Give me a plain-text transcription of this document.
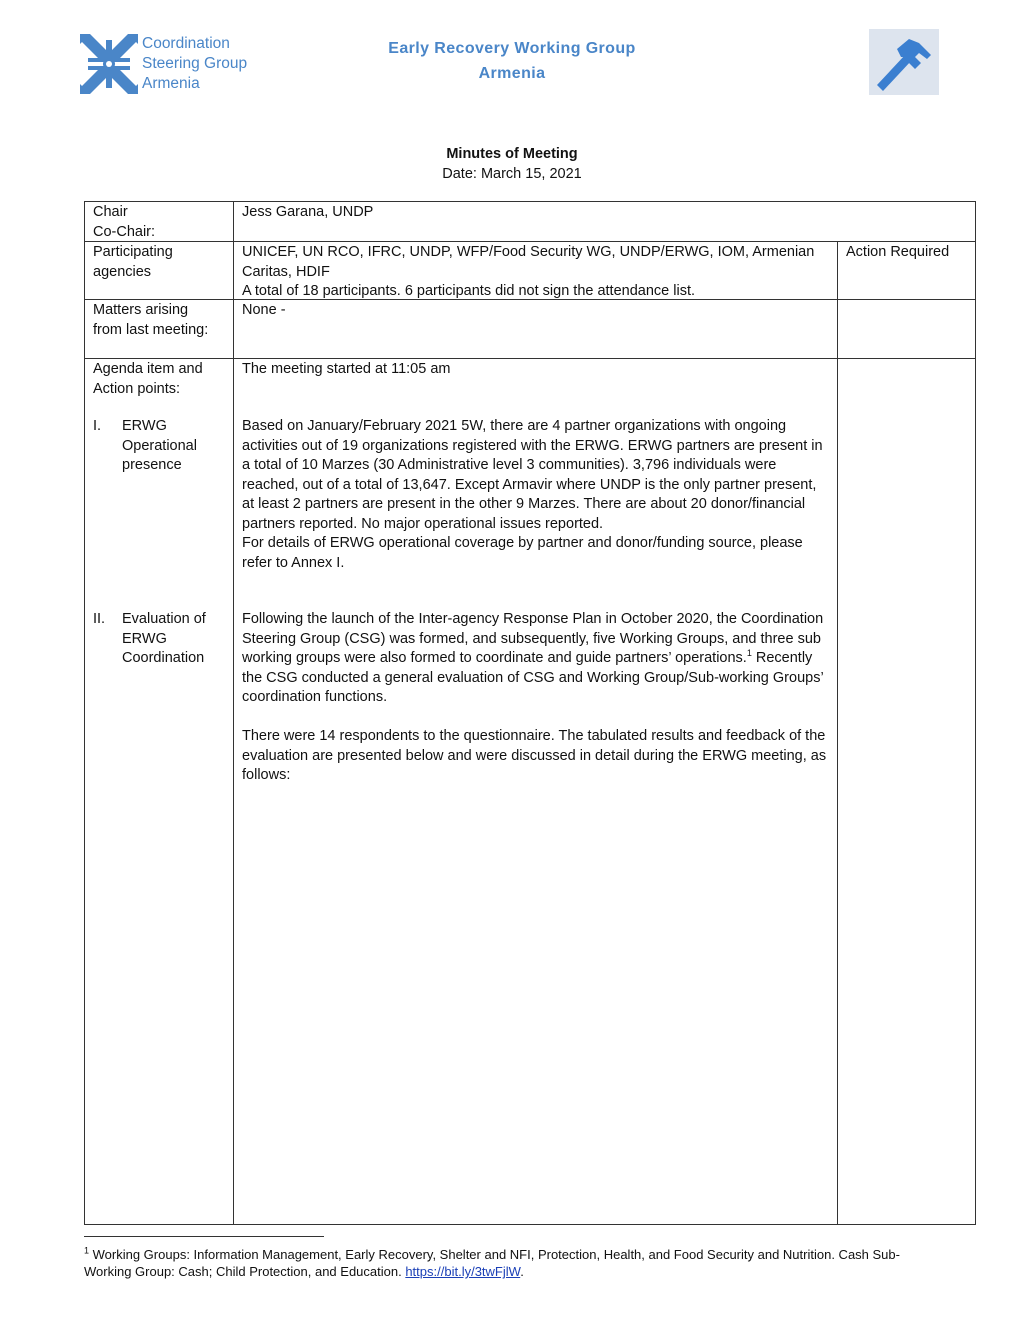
Coordination
Steering Group
Armenia
Early Recovery Working Group
Armenia
Minutes of Meeting
Date: March 15, 2021
Chair
Co-Chair:
Jess Garana, UNDP
Participating agencies
UNICEF, UN RCO, IFRC, UNDP, WFP/Food Security WG, UNDP/ERWG, IOM, Armenian Caritas, HDIF
A total of 18 participants. 6 participants did not sign the attendance list.
Action Required
Matters arising from last meeting:
None -
Agenda item and Action points:
The meeting started at 11:05 am
I. ERWG Operational presence
Based on January/February 2021 5W, there are 4 partner organizations with ongoing activities out of 19 organizations registered with the ERWG. ERWG partners are present in a total of 10 Marzes (30 Administrative level 3 communities). 3,796 individuals were reached, out of a total of 13,647. Except Armavir where UNDP is the only partner present, at least 2 partners are present in the other 9 Marzes. There are about 20 donor/financial partners reported. No major operational issues reported.
For details of ERWG operational coverage by partner and donor/funding source, please refer to Annex I.
II. Evaluation of ERWG Coordination
Following the launch of the Inter-agency Response Plan in October 2020, the Coordination Steering Group (CSG) was formed, and subsequently, five Working Groups, and three sub working groups were also formed to coordinate and guide partners’ operations.$^1$ Recently the CSG conducted a general evaluation of CSG and Working Group/Sub-working Groups’ coordination functions.
There were 14 respondents to the questionnaire. The tabulated results and feedback of the evaluation are presented below and were discussed in detail during the ERWG meeting, as follows:
$^1$ Working Groups: Information Management, Early Recovery, Shelter and NFI, Protection, Health, and Food Security and Nutrition. Cash Sub-Working Group: Cash; Child Protection, and Education. https://bit.ly/3twFjlW.
